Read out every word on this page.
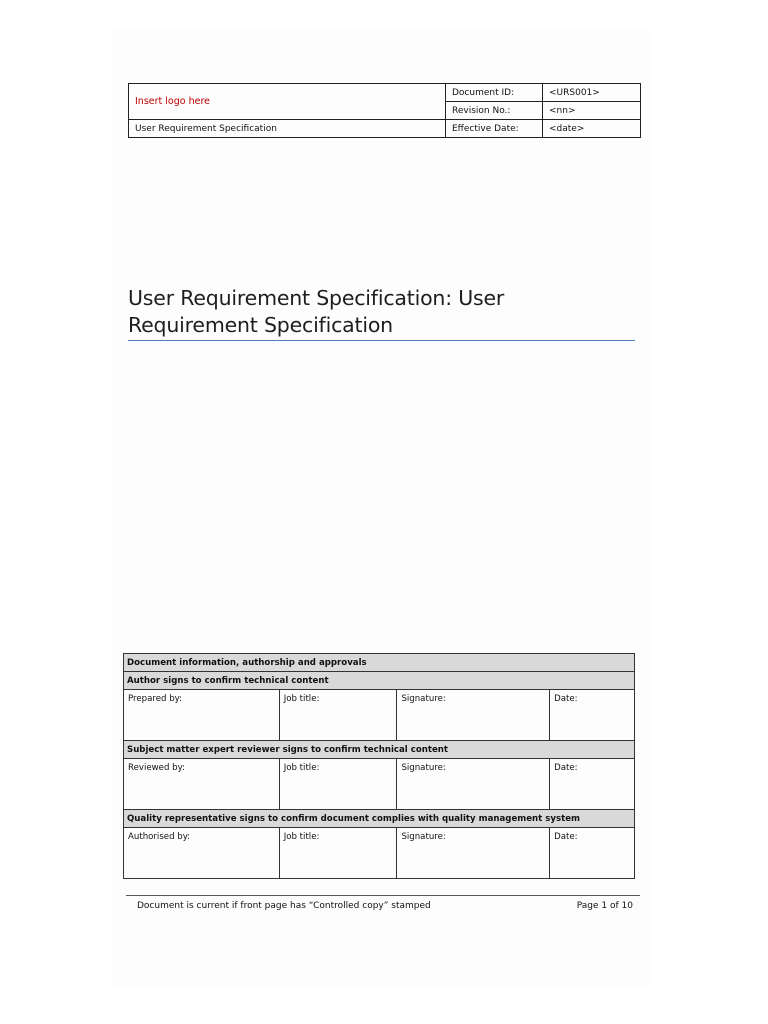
Insert logo here	Document ID:	<URS001>
	Revision No.:	<nn>
User Requirement Specification	Effective Date:	<date>
User Requirement Specification: User Requirement Specification
Document information, authorship and approvals			
Author signs to confirm technical content			
Prepared by:	Job title:	Signature:	Date:
Subject matter expert reviewer signs to confirm technical content			
Reviewed by:	Job title:	Signature:	Date:
Quality representative signs to confirm document complies with quality management system			
Authorised by:	Job title:	Signature:	Date:
Document is current if front page has “Controlled copy” stamped	Page 1 of 10
